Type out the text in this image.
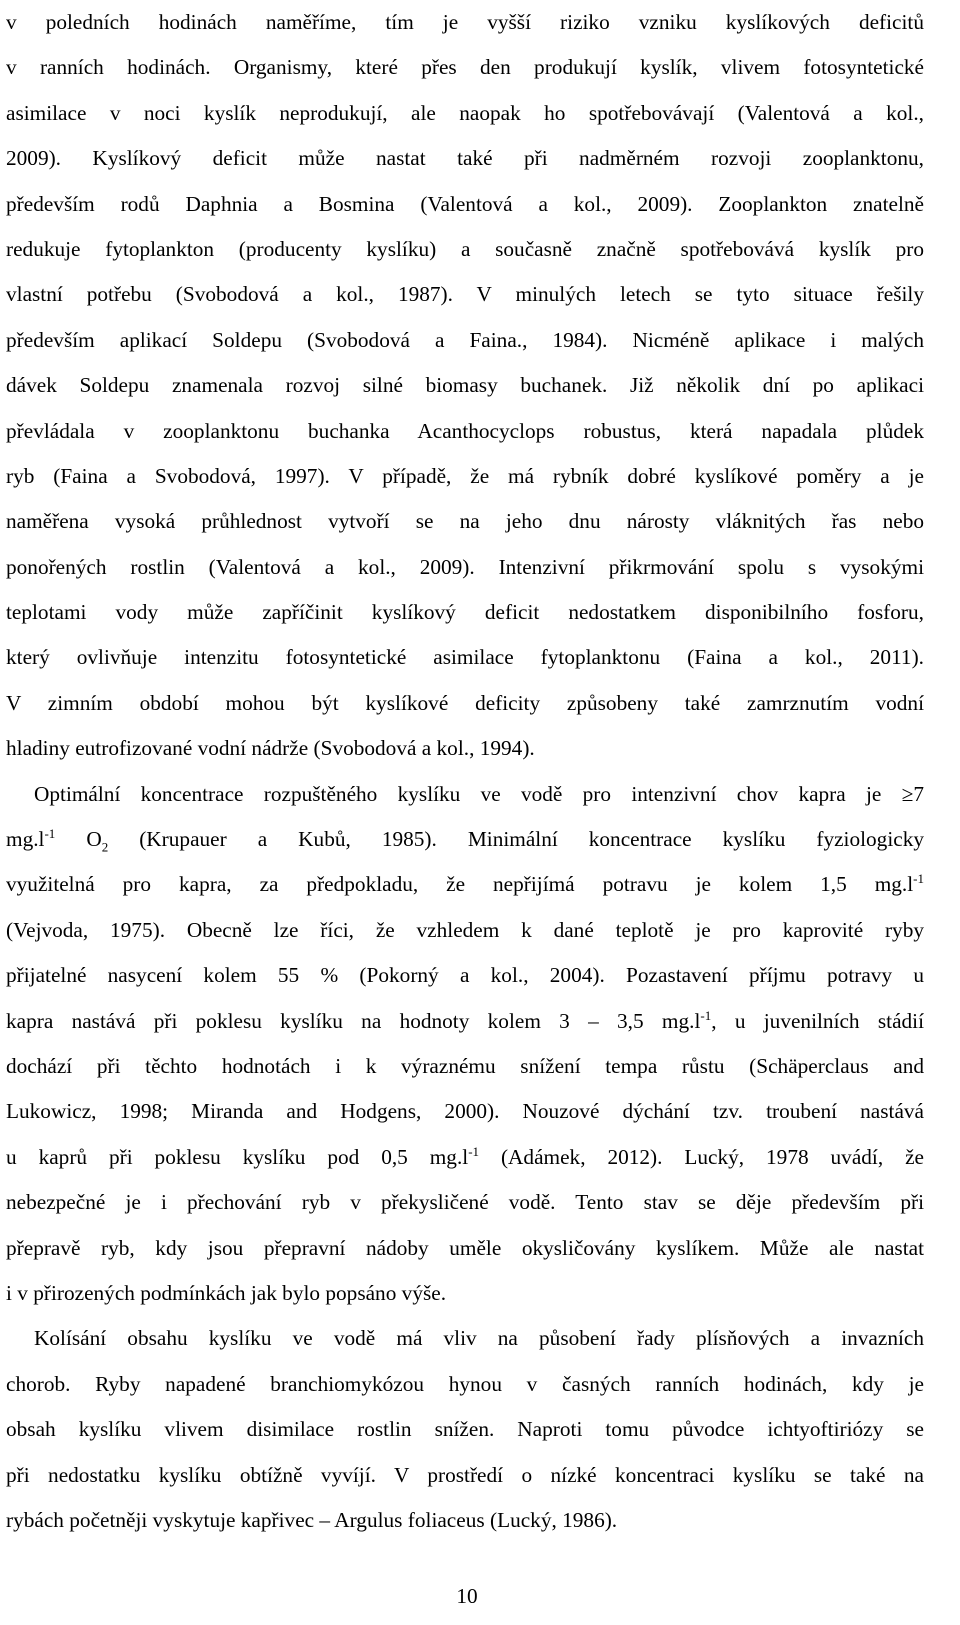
v poledních hodinách naměříme, tím je vyšší riziko vzniku kyslíkových deficitů
v ranních hodinách. Organismy, které přes den produkují kyslík, vlivem fotosyntetické
asimilace v noci kyslík neprodukují, ale naopak ho spotřebovávají (Valentová a kol.,
2009). Kyslíkový deficit může nastat také při nadměrném rozvoji zooplanktonu,
především rodů Daphnia a Bosmina (Valentová a kol., 2009). Zooplankton znatelně
redukuje fytoplankton (producenty kyslíku) a současně značně spotřebovává kyslík pro
vlastní potřebu (Svobodová a kol., 1987). V minulých letech se tyto situace řešily
především aplikací Soldepu (Svobodová a Faina., 1984). Nicméně aplikace i malých
dávek Soldepu znamenala rozvoj silné biomasy buchanek. Již několik dní po aplikaci
převládala v zooplanktonu buchanka Acanthocyclops robustus, která napadala plůdek
ryb (Faina a Svobodová, 1997). V případě, že má rybník dobré kyslíkové poměry a je
naměřena vysoká průhlednost vytvoří se na jeho dnu nárosty vláknitých řas nebo
ponořených rostlin (Valentová a kol., 2009). Intenzivní přikrmování spolu s vysokými
teplotami vody může zapříčinit kyslíkový deficit nedostatkem disponibilního fosforu,
který ovlivňuje intenzitu fotosyntetické asimilace fytoplanktonu (Faina a kol., 2011).
V zimním období mohou být kyslíkové deficity způsobeny také zamrznutím vodní
hladiny eutrofizované vodní nádrže (Svobodová a kol., 1994).
Optimální koncentrace rozpuštěného kyslíku ve vodě pro intenzivní chov kapra je ≥7
$mg.l^{-1}$ $O_2$ (Krupauer a Kubů, 1985). Minimální koncentrace kyslíku fyziologicky
využitelná pro kapra, za předpokladu, že nepřijímá potravu je kolem 1,5 $mg.l^{-1}$
(Vejvoda, 1975). Obecně lze říci, že vzhledem k dané teplotě je pro kaprovité ryby
přijatelné nasycení kolem 55 % (Pokorný a kol., 2004). Pozastavení příjmu potravy u
kapra nastává při poklesu kyslíku na hodnoty kolem 3 – 3,5 $mg.l^{-1}$, u juvenilních stádií
dochází při těchto hodnotách i k výraznému snížení tempa růstu (Schäperclaus and
Lukowicz, 1998; Miranda and Hodgens, 2000). Nouzové dýchání tzv. troubení nastává
u kaprů při poklesu kyslíku pod 0,5 $mg.l^{-1}$ (Adámek, 2012). Lucký, 1978 uvádí, že
nebezpečné je i přechování ryb v překysličené vodě. Tento stav se děje především při
přepravě ryb, kdy jsou přepravní nádoby uměle okysličovány kyslíkem. Může ale nastat
i v přirozených podmínkách jak bylo popsáno výše.
Kolísání obsahu kyslíku ve vodě má vliv na působení řady plísňových a invazních
chorob. Ryby napadené branchiomykózou hynou v časných ranních hodinách, kdy je
obsah kyslíku vlivem disimilace rostlin snížen. Naproti tomu původce ichtyoftiriózy se
při nedostatku kyslíku obtížně vyvíjí. V prostředí o nízké koncentraci kyslíku se také na
rybách početněji vyskytuje kapřivec – Argulus foliaceus (Lucký, 1986).
10
